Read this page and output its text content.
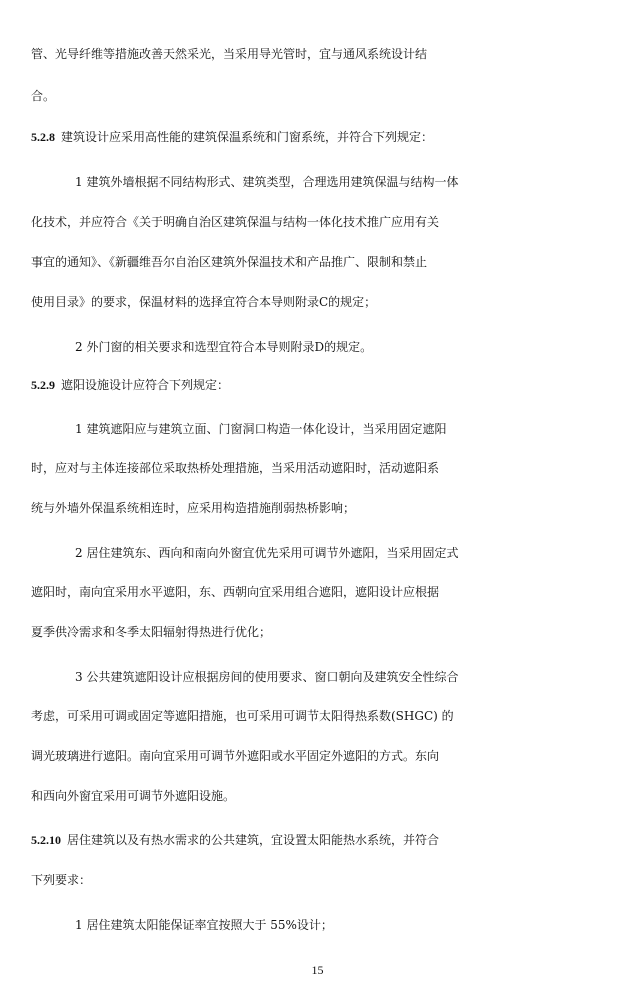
管、光导纤维等措施改善天然采光，当采用导光管时，宜与通风系统设计结
合。
5.2.8 建筑设计应采用高性能的建筑保温系统和门窗系统，并符合下列规定：
1 建筑外墙根据不同结构形式、建筑类型，合理选用建筑保温与结构一体
化技术，并应符合《关于明确自治区建筑保温与结构一体化技术推广应用有关
事宜的通知》、《新疆维吾尔自治区建筑外保温技术和产品推广、限制和禁止
使用目录》的要求，保温材料的选择宜符合本导则附录C的规定；
2 外门窗的相关要求和选型宜符合本导则附录D的规定。
5.2.9 遮阳设施设计应符合下列规定：
1 建筑遮阳应与建筑立面、门窗洞口构造一体化设计，当采用固定遮阳
时，应对与主体连接部位采取热桥处理措施，当采用活动遮阳时，活动遮阳系
统与外墙外保温系统相连时，应采用构造措施削弱热桥影响；
2 居住建筑东、西向和南向外窗宜优先采用可调节外遮阳，当采用固定式
遮阳时，南向宜采用水平遮阳，东、西朝向宜采用组合遮阳，遮阳设计应根据
夏季供冷需求和冬季太阳辐射得热进行优化；
3 公共建筑遮阳设计应根据房间的使用要求、窗口朝向及建筑安全性综合
考虑，可采用可调或固定等遮阳措施，也可采用可调节太阳得热系数(SHGC) 的
调光玻璃进行遮阳。南向宜采用可调节外遮阳或水平固定外遮阳的方式。东向
和西向外窗宜采用可调节外遮阳设施。
5.2.10 居住建筑以及有热水需求的公共建筑，宜设置太阳能热水系统，并符合
下列要求：
1 居住建筑太阳能保证率宜按照大于 55%设计；
15
